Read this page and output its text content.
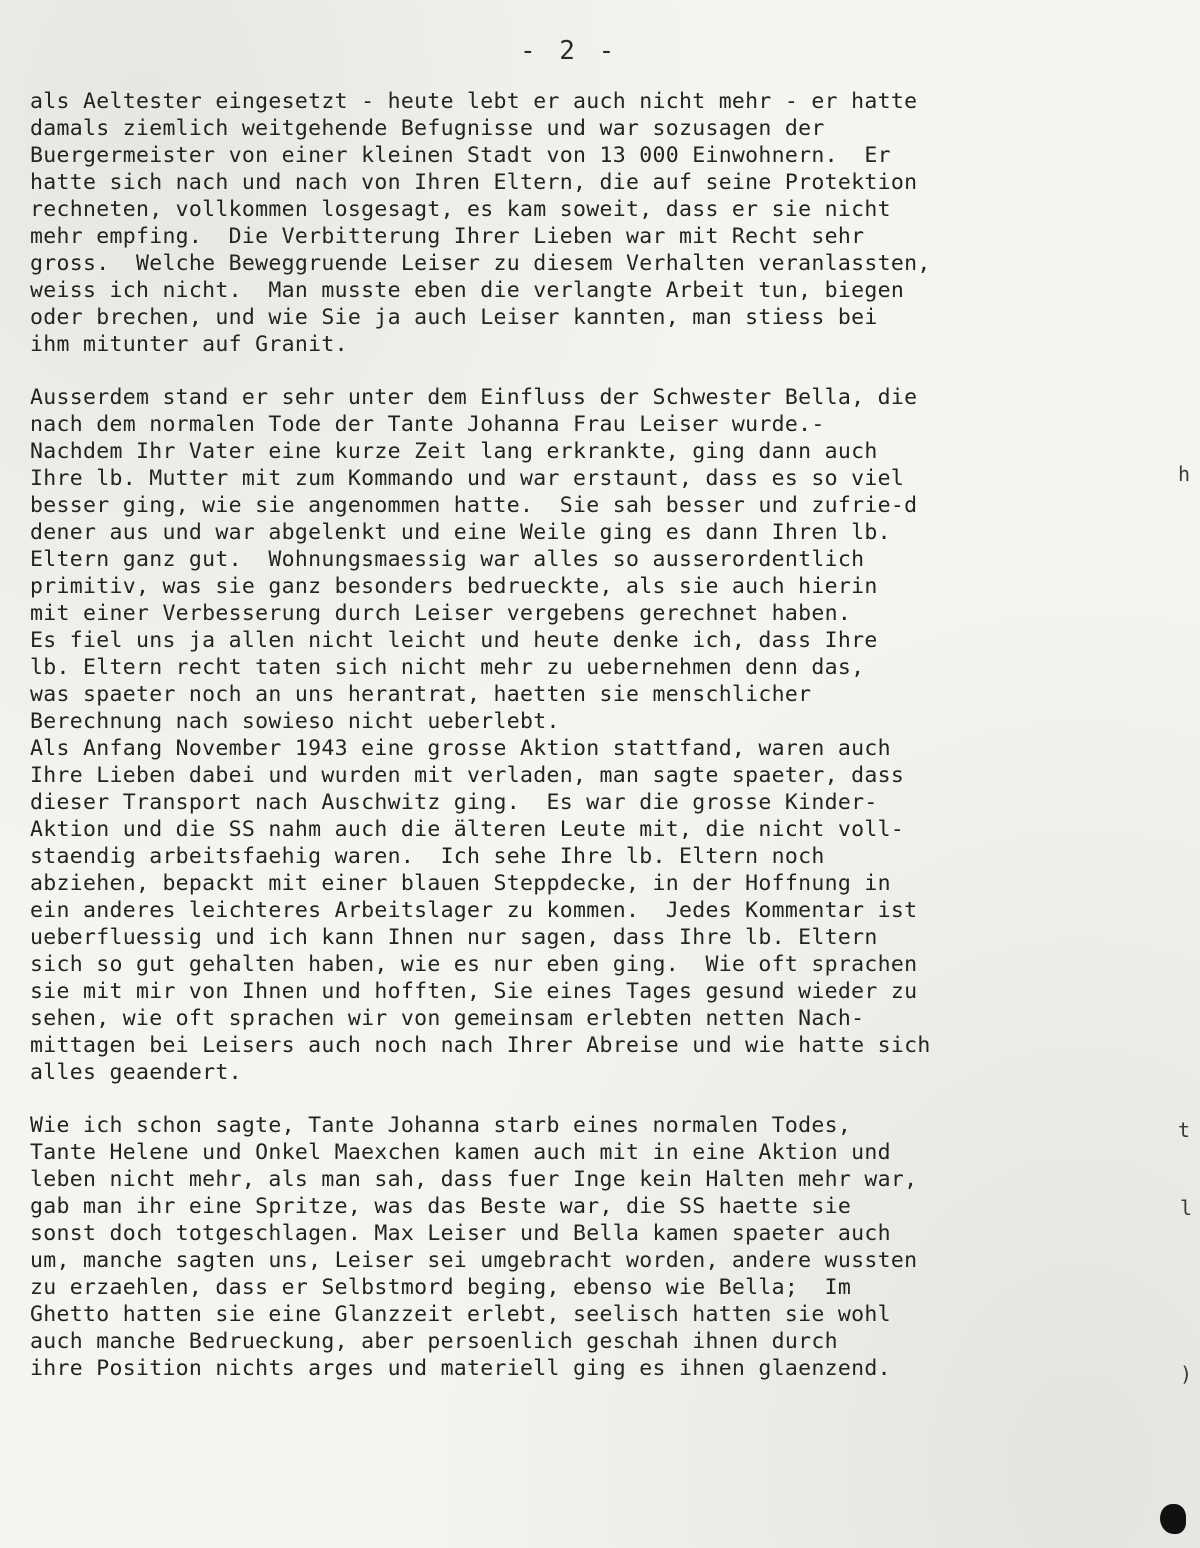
- 2 -
als Aeltester eingesetzt - heute lebt er auch nicht mehr - er hatte
damals ziemlich weitgehende Befugnisse und war sozusagen der
Buergermeister von einer kleinen Stadt von 13 000 Einwohnern.  Er
hatte sich nach und nach von Ihren Eltern, die auf seine Protektion
rechneten, vollkommen losgesagt, es kam soweit, dass er sie nicht
mehr empfing.  Die Verbitterung Ihrer Lieben war mit Recht sehr
gross.  Welche Beweggruende Leiser zu diesem Verhalten veranlassten,
weiss ich nicht.  Man musste eben die verlangte Arbeit tun, biegen
oder brechen, und wie Sie ja auch Leiser kannten, man stiess bei
ihm mitunter auf Granit.
Ausserdem stand er sehr unter dem Einfluss der Schwester Bella, die
nach dem normalen Tode der Tante Johanna Frau Leiser wurde.-
Nachdem Ihr Vater eine kurze Zeit lang erkrankte, ging dann auch
Ihre lb. Mutter mit zum Kommando und war erstaunt, dass es so viel
besser ging, wie sie angenommen hatte.  Sie sah besser und zufrie-d
dener aus und war abgelenkt und eine Weile ging es dann Ihren lb.
Eltern ganz gut.  Wohnungsmaessig war alles so ausserordentlich
primitiv, was sie ganz besonders bedrueckte, als sie auch hierin
mit einer Verbesserung durch Leiser vergebens gerechnet haben.
Es fiel uns ja allen nicht leicht und heute denke ich, dass Ihre
lb. Eltern recht taten sich nicht mehr zu uebernehmen denn das,
was spaeter noch an uns herantrat, haetten sie menschlicher
Berechnung nach sowieso nicht ueberlebt.
Als Anfang November 1943 eine grosse Aktion stattfand, waren auch
Ihre Lieben dabei und wurden mit verladen, man sagte spaeter, dass
dieser Transport nach Auschwitz ging.  Es war die grosse Kinder-
Aktion und die SS nahm auch die älteren Leute mit, die nicht voll-
staendig arbeitsfaehig waren.  Ich sehe Ihre lb. Eltern noch
abziehen, bepackt mit einer blauen Steppdecke, in der Hoffnung in
ein anderes leichteres Arbeitslager zu kommen.  Jedes Kommentar ist
ueberfluessig und ich kann Ihnen nur sagen, dass Ihre lb. Eltern
sich so gut gehalten haben, wie es nur eben ging.  Wie oft sprachen
sie mit mir von Ihnen und hofften, Sie eines Tages gesund wieder zu
sehen, wie oft sprachen wir von gemeinsam erlebten netten Nach-
mittagen bei Leisers auch noch nach Ihrer Abreise und wie hatte sich
alles geaendert.
Wie ich schon sagte, Tante Johanna starb eines normalen Todes,
Tante Helene und Onkel Maexchen kamen auch mit in eine Aktion und
leben nicht mehr, als man sah, dass fuer Inge kein Halten mehr war,
gab man ihr eine Spritze, was das Beste war, die SS haette sie
sonst doch totgeschlagen. Max Leiser und Bella kamen spaeter auch
um, manche sagten uns, Leiser sei umgebracht worden, andere wussten
zu erzaehlen, dass er Selbstmord beging, ebenso wie Bella;  Im
Ghetto hatten sie eine Glanzzeit erlebt, seelisch hatten sie wohl
auch manche Bedrueckung, aber persoenlich geschah ihnen durch
ihre Position nichts arges und materiell ging es ihnen glaenzend.
h
t
l
)
